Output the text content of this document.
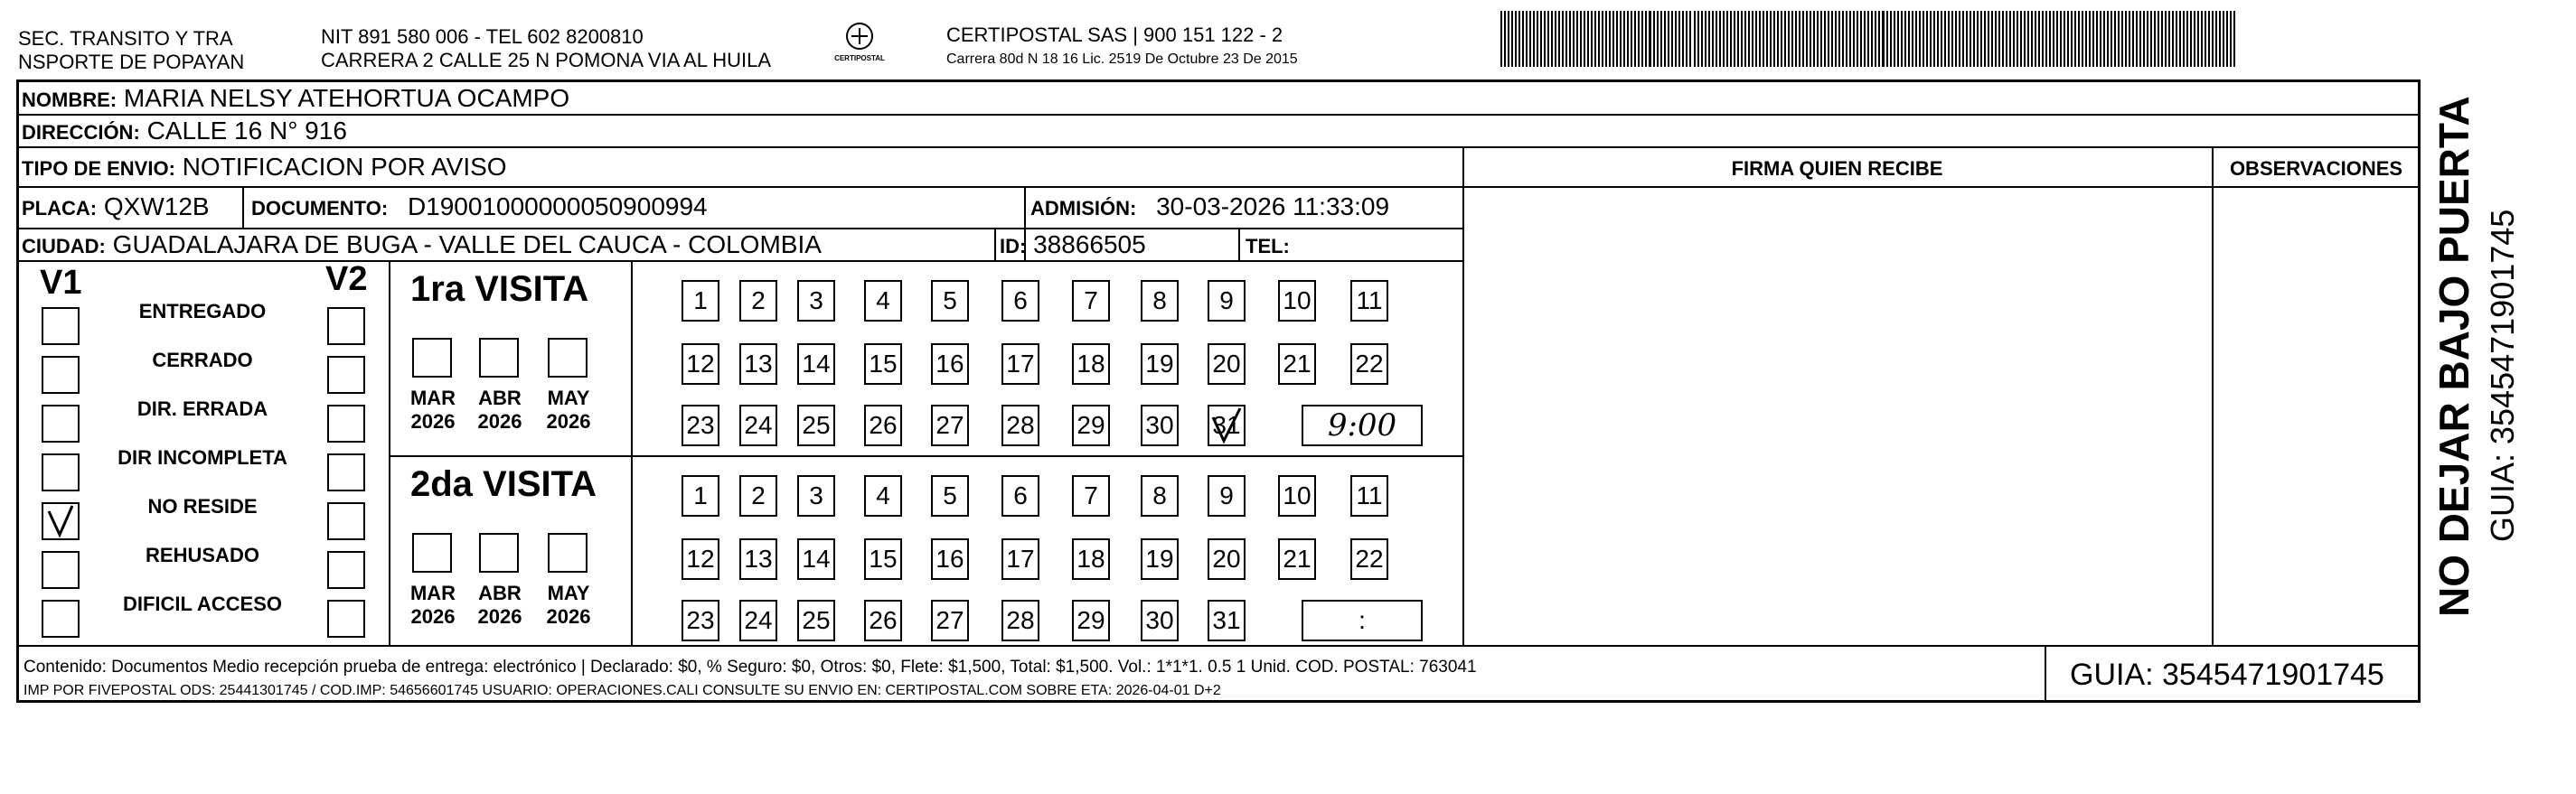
SEC. TRANSITO Y TRA
NSPORTE DE POPAYAN
NIT 891 580 006 - TEL 602 8200810
CARRERA 2 CALLE 25 N POMONA VIA AL HUILA	CERTIPOSTAL
CERTIPOSTAL SAS | 900 151 122 - 2
Carrera 80d N 18 16 Lic. 2519 De Octubre 23 De 2015
FIRMA QUIEN RECIBE	OBSERVACIONES
NOMBRE: MARIA NELSY ATEHORTUA OCAMPO
DIRECCIÓN: CALLE 16 N° 916
TIPO DE ENVIO: NOTIFICACION POR AVISO
PLACA: QXW12B DOCUMENTO: D19001000000050900994	ADMISIÓN: 30-03-2026 11:33:09
CIUDAD: GUADALAJARA DE BUGA - VALLE DEL CAUCA - COLOMBIA	ID: 38866505	TEL:
V1	V2
ENTREGADO
CERRADO
DIR. ERRADA
DIR INCOMPLETA
NO RESIDE
REHUSADO
DIFICIL ACCESO
1ra VISITA
MAR
2026
ABR
2026
MAY
2026
1	2	3	4	5	6	7	8	9	10 11
12 13 14 15 16 17 18 19 20 21 22
23 24 25 26 27 28 29 30 31	9:00
2da VISITA
MAR
2026
ABR
2026
MAY
2026
1	2	3	4	5	6	7	8	9	10 11
12 13 14 15 16 17 18 19 20 21 22
23 24 25 26 27 28 29 30 31	:
Contenido: Documentos Medio recepción prueba de entrega: electrónico | Declarado: $0, % Seguro: $0, Otros: $0, Flete: $1,500, Total: $1,500. Vol.: 1*1*1. 0.5 1 Unid. COD. POSTAL: 763041
IMP POR FIVEPOSTAL ODS: 25441301745 / COD.IMP: 54656601745 USUARIO: OPERACIONES.CALI CONSULTE SU ENVIO EN: CERTIPOSTAL.COM SOBRE ETA: 2026-04-01 D+2	GUIA: 3545471901745
NO DEJAR BAJO PUERTA GUIA: 3545471901745
